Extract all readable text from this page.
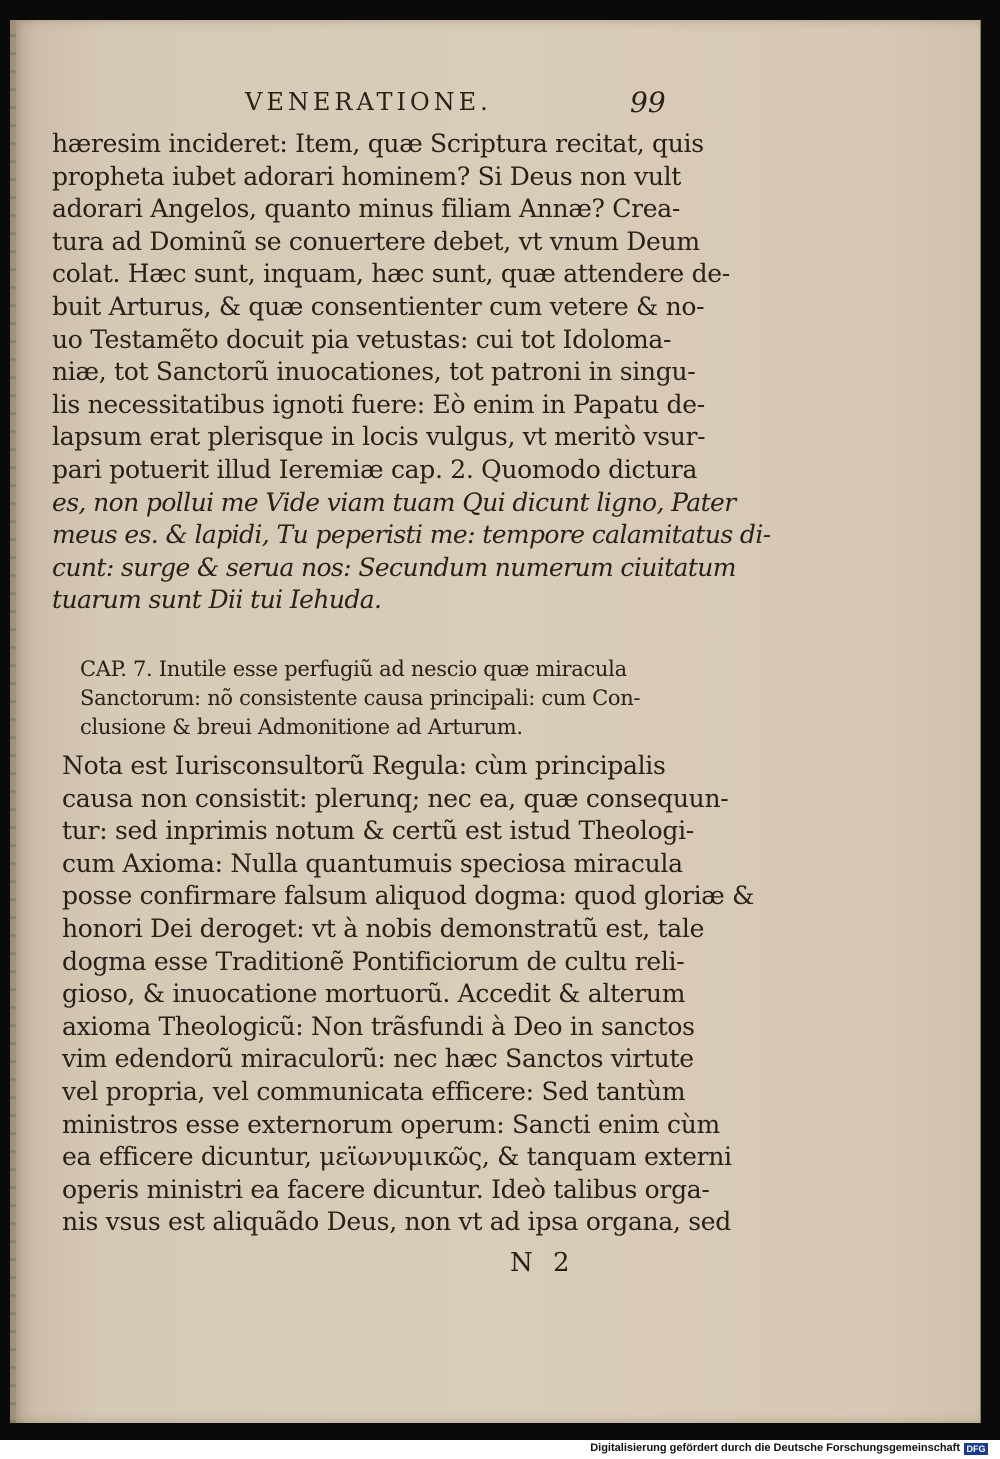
VENERATIONE.	99
hæresim incideret: Item, quæ Scriptura recitat, quis
propheta iubet adorari hominem? Si Deus non vult
adorari Angelos, quanto minus filiam Annæ? Crea-
tura ad Dominũ se conuertere debet, vt vnum Deum
colat. Hæc sunt, inquam, hæc sunt, quæ attendere de-
buit Arturus, & quæ consentienter cum vetere & no-
uo Testamẽto docuit pia vetustas: cui tot Idoloma-
niæ, tot Sanctorũ inuocationes, tot patroni in singu-
lis necessitatibus ignoti fuere: Eò enim in Papatu de-
lapsum erat plerisque in locis vulgus, vt meritò vsur-
pari potuerit illud Ieremiæ cap. 2. Quomodo dictura
es, non pollui me Vide viam tuam Qui dicunt ligno, Pater
meus es. & lapidi, Tu peperisti me: tempore calamitatus di-
cunt: surge & serua nos: Secundum numerum ciuitatum
tuarum sunt Dii tui Iehuda.
CAP. 7. Inutile esse perfugiũ ad nescio quæ miracula
Sanctorum: nõ consistente causa principali: cum Con-
clusione & breui Admonitione ad Arturum.
Nota est Iurisconsultorũ Regula: cùm principalis
causa non consistit: plerunq; nec ea, quæ consequun-
tur: sed inprimis notum & certũ est istud Theologi-
cum Axioma: Nulla quantumuis speciosa miracula
posse confirmare falsum aliquod dogma: quod gloriæ &
honori Dei deroget: vt à nobis demonstratũ est, tale
dogma esse Traditionẽ Pontificiorum de cultu reli-
gioso, & inuocatione mortuorũ. Accedit & alterum
axioma Theologicũ: Non trãsfundi à Deo in sanctos
vim edendorũ miraculorũ: nec hæc Sanctos virtute
vel propria, vel communicata efficere: Sed tantùm
ministros esse externorum operum: Sancti enim cùm
ea efficere dicuntur, μεϊωνυμικῶς, & tanquam externi
operis ministri ea facere dicuntur. Ideò talibus orga-
nis vsus est aliquãdo Deus, non vt ad ipsa organa, sed
N 2
Digitalisierung gefördert durch die Deutsche Forschungsgemeinschaft DFG
